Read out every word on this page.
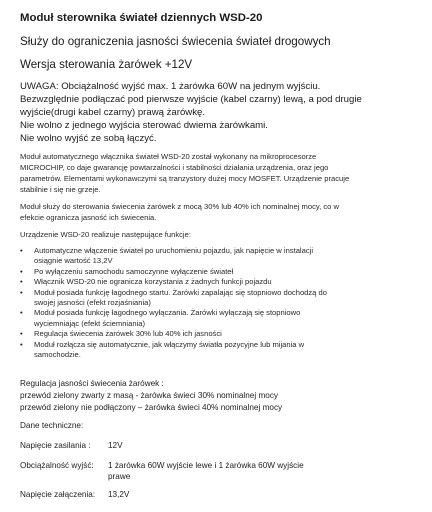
Moduł sterownika świateł dziennych WSD-20
Służy do ograniczenia jasności świecenia świateł drogowych
Wersja sterowania żarówek +12V
UWAGA: Obciążalność wyjść max. 1 żarówka 60W na jednym wyjściu.
Bezwzględnie podłączać pod pierwsze wyjście (kabel czarny) lewą, a pod drugie
wyjście(drugi kabel czarny) prawą żarówkę.
Nie wolno z jednego wyjścia sterować dwiema żarówkami.
Nie wolno wyjść ze sobą łączyć.
Moduł automatycznego włącznika świateł WSD-20 został wykonany na mikroprocesorze
MICROCHIP, co daje gwarancję powtarzalności i stabilności działania urządzenia, oraz jego
parametrów. Elementami wykonawczymi są tranzystory dużej mocy MOSFET. Urządzenie pracuje
stabilnie i się nie grzeje.
Moduł służy do sterowania świeceniа żarówek z mocą 30% lub 40% ich nominalnej mocy, co w
efekcie ogranicza jasność ich świecenia.
Urządzenie WSD-20 realizuje następujące funkcje:
• Automatyczne włączenie świateł po uruchomieniu pojazdu, jak napięcie w instalacji
osiągnie wartość 13,2V
• Po wyłączeniu samochodu samoczynne wyłączenie świateł
• Włącznik WSD-20 nie ogranicza korzystania z żadnych funkcji pojazdu
• Moduł posiada funkcję łagodnego startu. Żarówki zapalając się stopniowo dochodzą do
swojej jasności (efekt rozjaśniania)
• Moduł posiada funkcję łagodnego wyłączania. Żarówki wyłączają się stopniowo
wyciemniając (efekt ściemniania)
• Regulacja świecenia żarówek 30% lub 40% ich jasności
• Moduł rozłącza się automatycznie, jak włączymy światła pozycyjne lub mijania w
samochodzie.
Regulacja jasności świecenia żarówek :
przewód zielony zwarty z masą - żarówka świeci 30% nominalnej mocy
przewód zielony nie podłączony – żarówka świeci 40% nominalnej mocy
Dane techniczne:
Napięcie zasilania : 12V
Obciążalność wyjść: 1 żarówka 60W wyjście lewe i 1 żarówka 60W wyjście
prawe
Napięcie załączenia: 13,2V
